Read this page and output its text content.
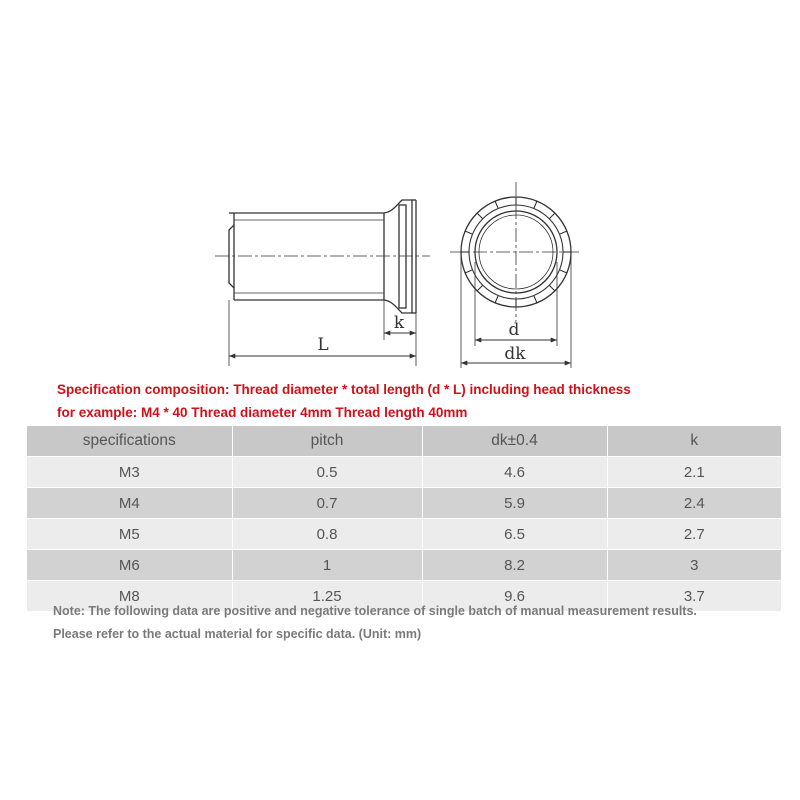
L
k	d
dk
Specification composition: Thread diameter * total length (d * L) including head thickness
for example: M4 * 40 Thread diameter 4mm Thread length 40mm
specifications	pitch	dk±0.4	k
M3	0.5	4.6	2.1
M4	0.7	5.9	2.4
M5	0.8	6.5	2.7
M6	1	8.2	3
M8	1.25	9.6	3.7
Note: The following data are positive and negative tolerance of single batch of manual measurement results.
Please refer to the actual material for specific data. (Unit: mm)
